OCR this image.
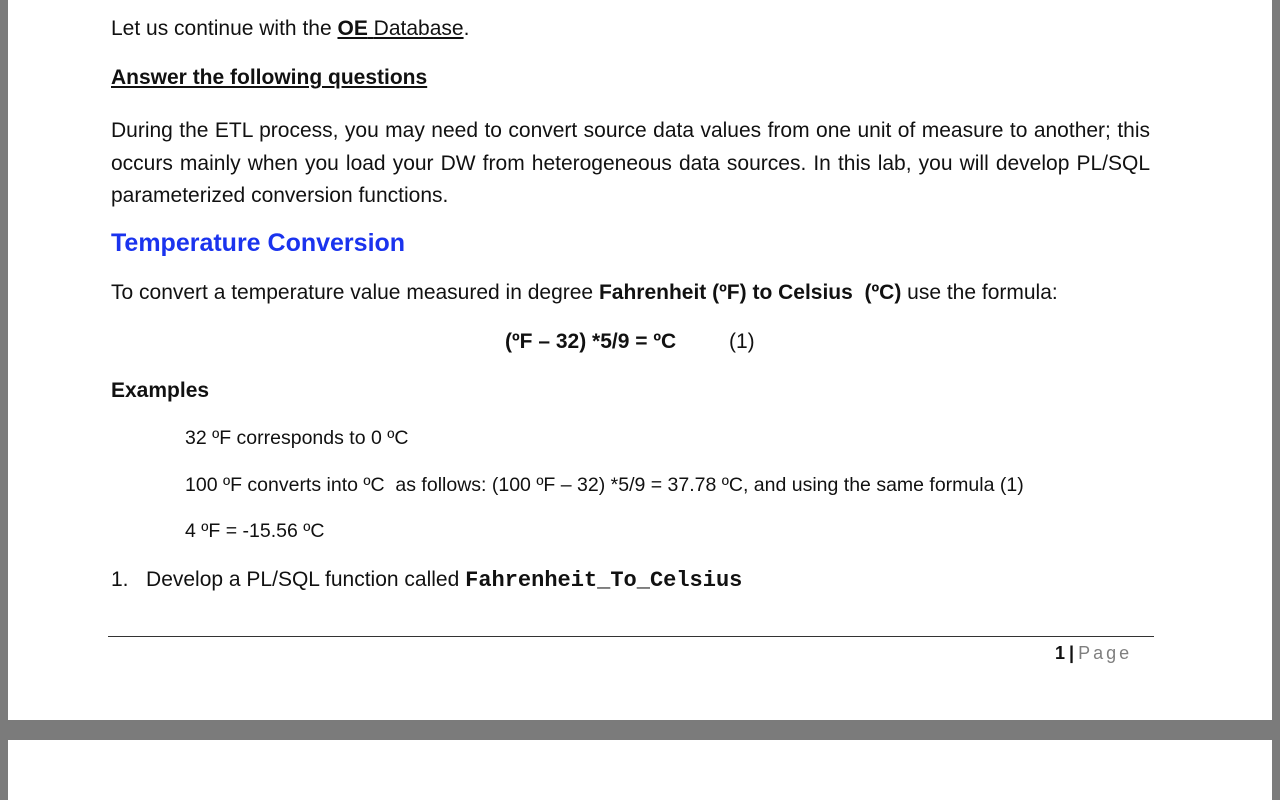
Let us continue with the OE Database.

Answer the following questions

During the ETL process, you may need to convert source data values from one unit of measure to another; this occurs mainly when you load your DW from heterogeneous data sources. In this lab, you will develop PL/SQL parameterized conversion functions.

Temperature Conversion

To convert a temperature value measured in degree Fahrenheit (ºF) to Celsius (ºC) use the formula:

(ºF – 32) *5/9 = ºC	(1)

Examples

32 ºF corresponds to 0 ºC

100 ºF converts into ºC  as follows: (100 ºF – 32) *5/9 = 37.78 ºC, and using the same formula (1)

4 ºF = -15.56 ºC

1. Develop a PL/SQL function called Fahrenheit_To_Celsius

1 | Page
